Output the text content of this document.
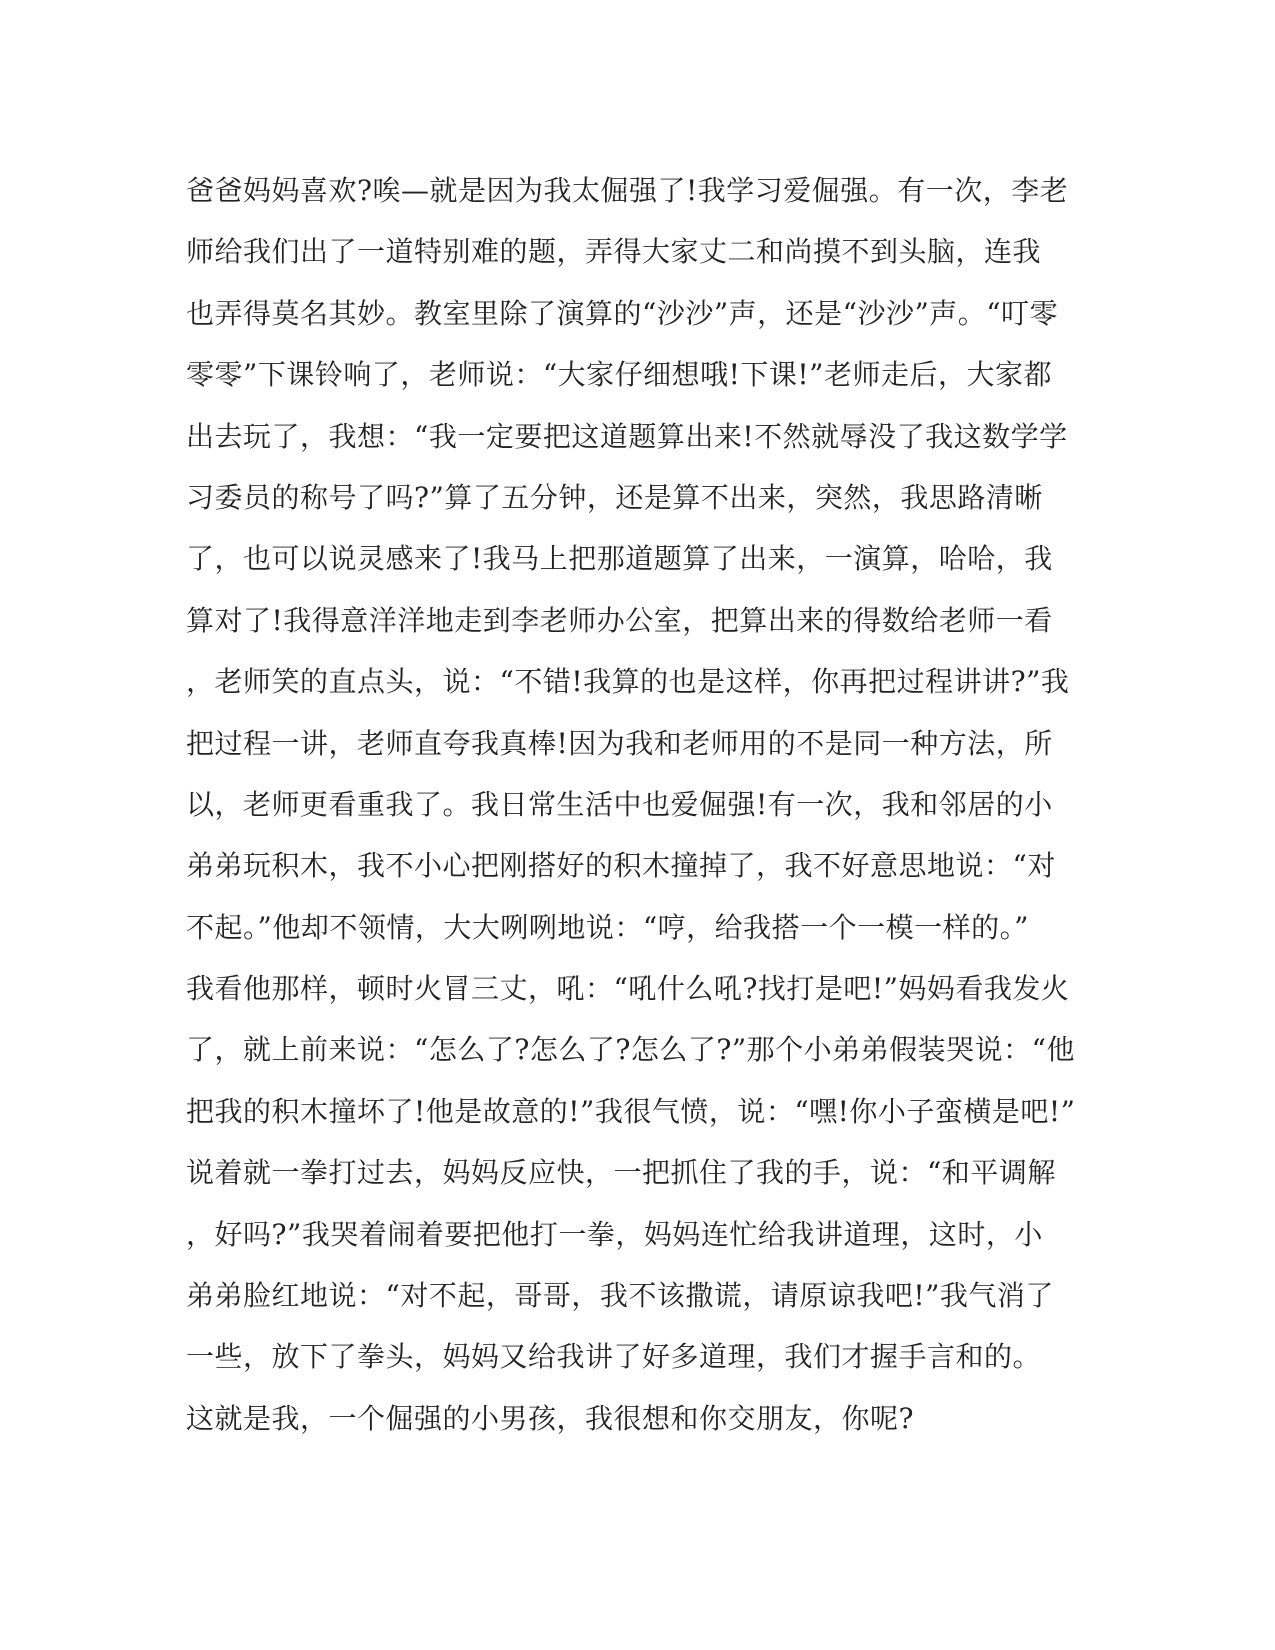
爸爸妈妈喜欢?唉—就是因为我太倔强了!我学习爱倔强。有一次，李老
师给我们出了一道特别难的题，弄得大家丈二和尚摸不到头脑，连我
也弄得莫名其妙。教室里除了演算的“沙沙”声，还是“沙沙”声。“叮零
零零”下课铃响了，老师说：“大家仔细想哦!下课!”老师走后，大家都
出去玩了，我想：“我一定要把这道题算出来!不然就辱没了我这数学学
习委员的称号了吗?”算了五分钟，还是算不出来，突然，我思路清晰
了，也可以说灵感来了!我马上把那道题算了出来，一演算，哈哈，我
算对了!我得意洋洋地走到李老师办公室，把算出来的得数给老师一看
，老师笑的直点头，说：“不错!我算的也是这样，你再把过程讲讲?”我
把过程一讲，老师直夸我真棒!因为我和老师用的不是同一种方法，所
以，老师更看重我了。我日常生活中也爱倔强!有一次，我和邻居的小
弟弟玩积木，我不小心把刚搭好的积木撞掉了，我不好意思地说：“对
不起。”他却不领情，大大咧咧地说：“哼，给我搭一个一模一样的。”
我看他那样，顿时火冒三丈，吼：“吼什么吼?找打是吧!”妈妈看我发火
了，就上前来说：“怎么了?怎么了?怎么了?”那个小弟弟假装哭说：“他
把我的积木撞坏了!他是故意的!”我很气愤，说：“嘿!你小子蛮横是吧!”
说着就一拳打过去，妈妈反应快，一把抓住了我的手，说：“和平调解
，好吗?”我哭着闹着要把他打一拳，妈妈连忙给我讲道理，这时，小
弟弟脸红地说：“对不起，哥哥，我不该撒谎，请原谅我吧!”我气消了
一些，放下了拳头，妈妈又给我讲了好多道理，我们才握手言和的。
这就是我，一个倔强的小男孩，我很想和你交朋友，你呢?
